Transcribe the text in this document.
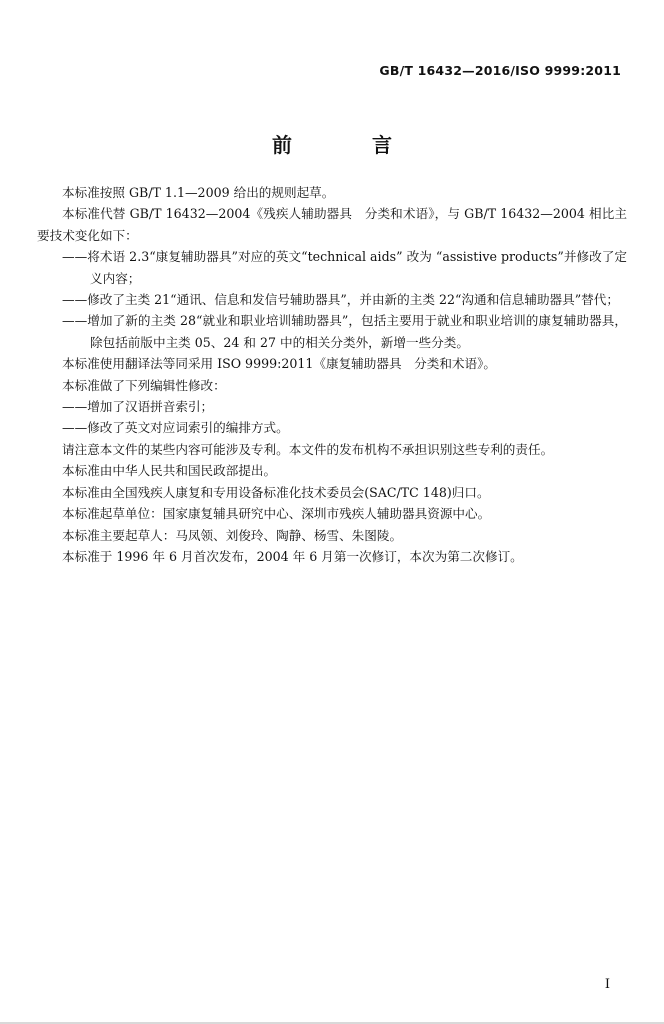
GB/T 16432—2016/ISO 9999:2011
前　言

本标准按照 GB/T 1.1—2009 给出的规则起草。

本标准代替 GB/T 16432—2004《残疾人辅助器具　分类和术语》，与 GB/T 16432—2004 相比主要技术变化如下：

——将术语 2.3“康复辅助器具”对应的英文“technical aids” 改为 “assistive products”并修改了定义内容；

——修改了主类 21“通讯、信息和发信号辅助器具”，并由新的主类 22“沟通和信息辅助器具”替代；

——增加了新的主类 28“就业和职业培训辅助器具”，包括主要用于就业和职业培训的康复辅助器具，除包括前版中主类 05、24 和 27 中的相关分类外，新增一些分类。

本标准使用翻译法等同采用 ISO 9999:2011《康复辅助器具　分类和术语》。

本标准做了下列编辑性修改：

——增加了汉语拼音索引；

——修改了英文对应词索引的编排方式。

请注意本文件的某些内容可能涉及专利。本文件的发布机构不承担识别这些专利的责任。

本标准由中华人民共和国民政部提出。

本标准由全国残疾人康复和专用设备标准化技术委员会(SAC/TC 148)归口。

本标准起草单位：国家康复辅具研究中心、深圳市残疾人辅助器具资源中心。

本标准主要起草人：马凤领、刘俊玲、陶静、杨雪、朱图陵。

本标准于 1996 年 6 月首次发布，2004 年 6 月第一次修订，本次为第二次修订。

I
